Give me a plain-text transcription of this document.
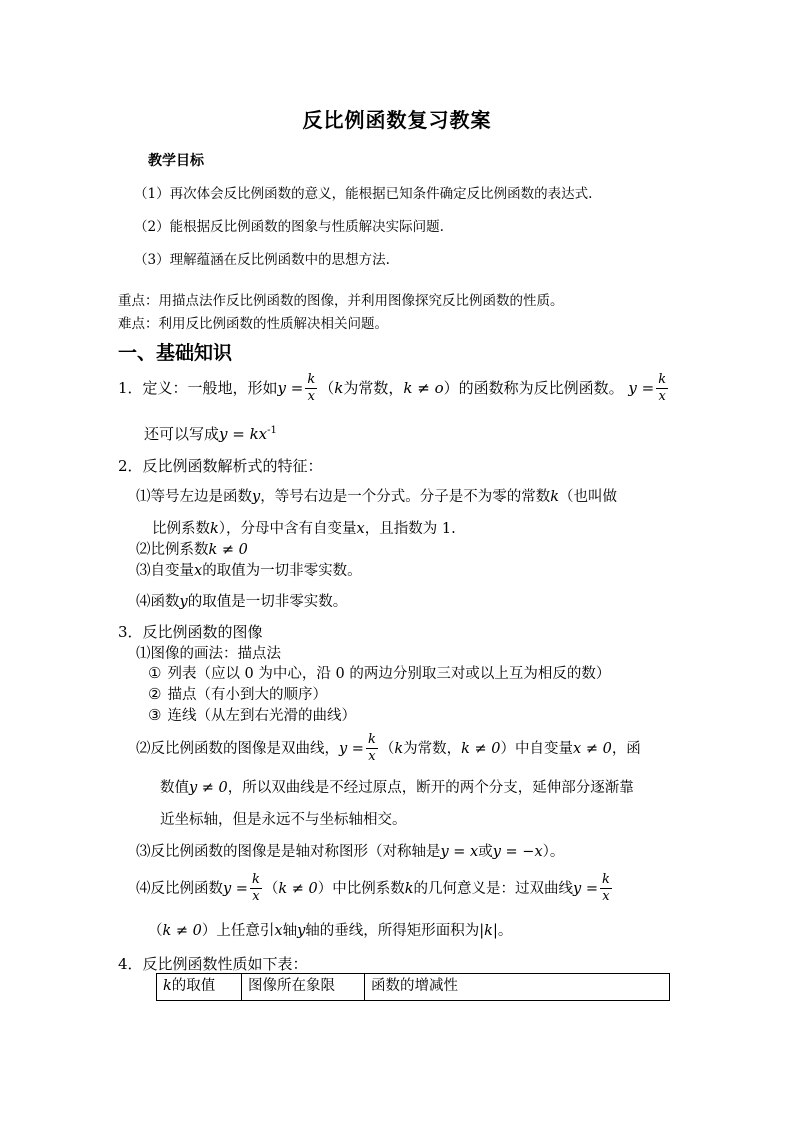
反比例函数复习教案
教学目标
（1）再次体会反比例函数的意义，能根据已知条件确定反比例函数的表达式.
（2）能根据反比例函数的图象与性质解决实际问题.
（3）理解蕴涵在反比例函数中的思想方法.
重点：用描点法作反比例函数的图像，并利用图像探究反比例函数的性质。
难点：利用反比例函数的性质解决相关问题。
一、基础知识
1．定义：一般地，形如$y = \frac{k}{x} (k$为常数，k ≠ o）的函数称为反比例函数。 $y = \frac{k}{x}$
还可以写成$y = kx^{-1}$
2．反比例函数解析式的特征：
⑴等号左边是函数y，等号右边是一个分式。分子是不为零的常数k（也叫做
比例系数k），分母中含有自变量x，且指数为 1.
⑵比例系数k ≠ 0
⑶自变量x的取值为一切非零实数。
⑷函数y的取值是一切非零实数。
3．反比例函数的图像
⑴图像的画法：描点法
① 列表（应以 0 为中心，沿 0 的两边分别取三对或以上互为相反的数）
② 描点（有小到大的顺序）
③ 连线（从左到右光滑的曲线）
⑵反比例函数的图像是双曲线，$y = \frac{k}{x} (k$为常数，k ≠ 0）中自变量x ≠ 0，函
数值y ≠ 0，所以双曲线是不经过原点，断开的两个分支，延伸部分逐渐靠
近坐标轴，但是永远不与坐标轴相交。
⑶反比例函数的图像是是轴对称图形（对称轴是y = x或y = −x）。
⑷反比例函数$y = \frac{k}{x} (k \ne 0)$中比例系数k的几何意义是：过双曲线$y = \frac{k}{x}$
（k ≠ 0）上任意引x轴y轴的垂线，所得矩形面积为|k|。
4．反比例函数性质如下表：
k的取值	图像所在象限	函数的增减性
